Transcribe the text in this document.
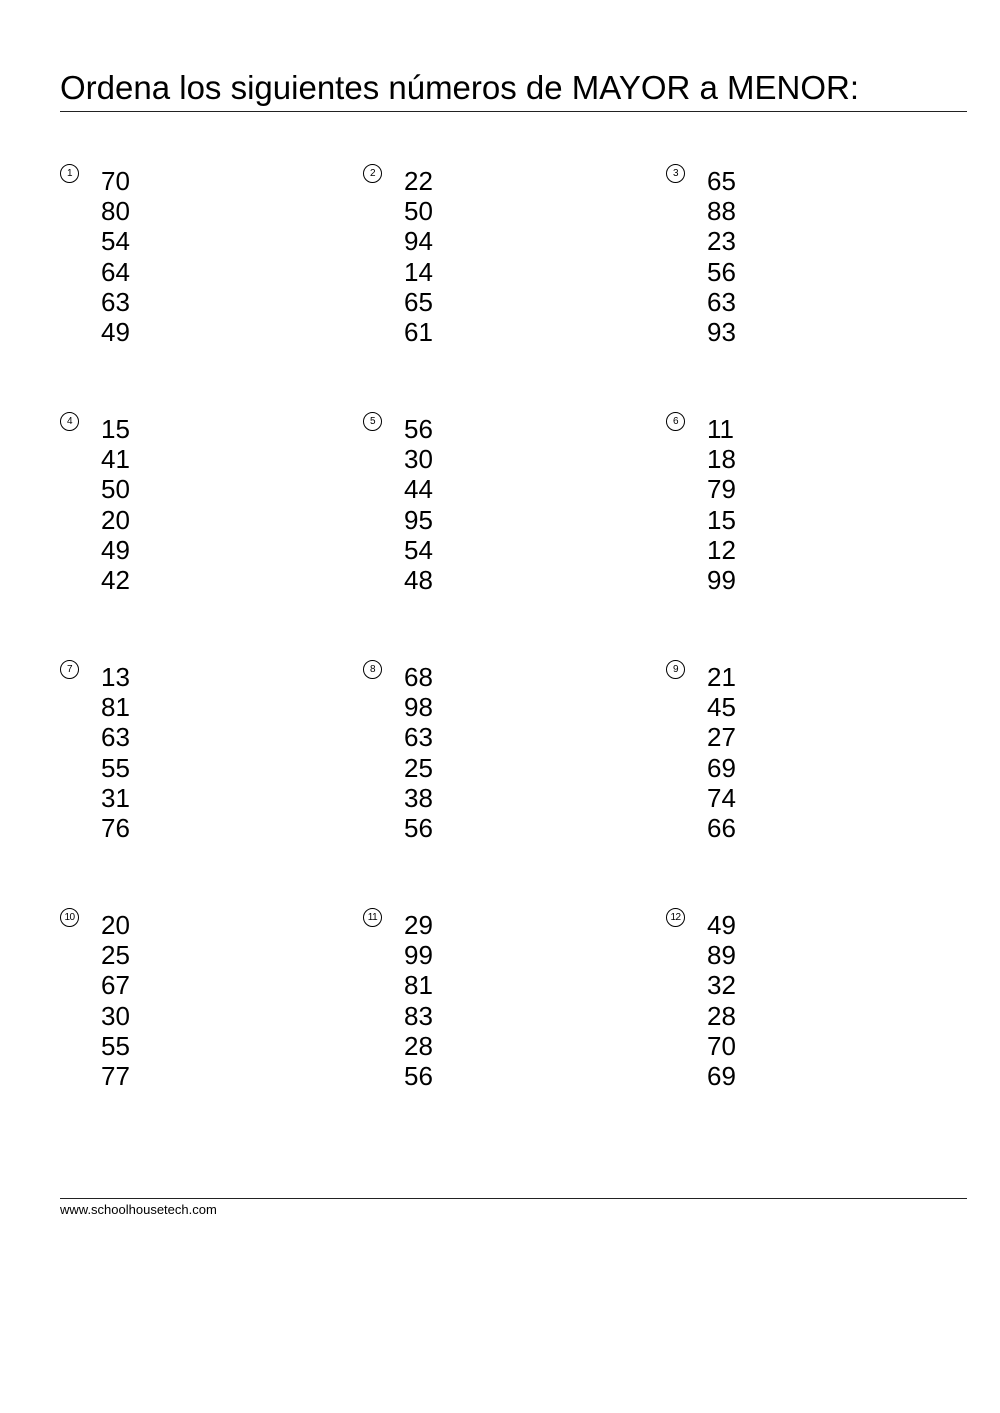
Ordena los siguientes números de MAYOR a MENOR:
1 70
80
54
64
63
49
2 22
50
94
14
65
61
3 65
88
23
56
63
93
4 15
41
50
20
49
42
5 56
30
44
95
54
48
6 11
18
79
15
12
99
7 13
81
63
55
31
76
8 68
98
63
25
38
56
9 21
45
27
69
74
66
10 20
25
67
30
55
77
11 29
99
81
83
28
56
12 49
89
32
28
70
69
www.schoolhousetech.com
